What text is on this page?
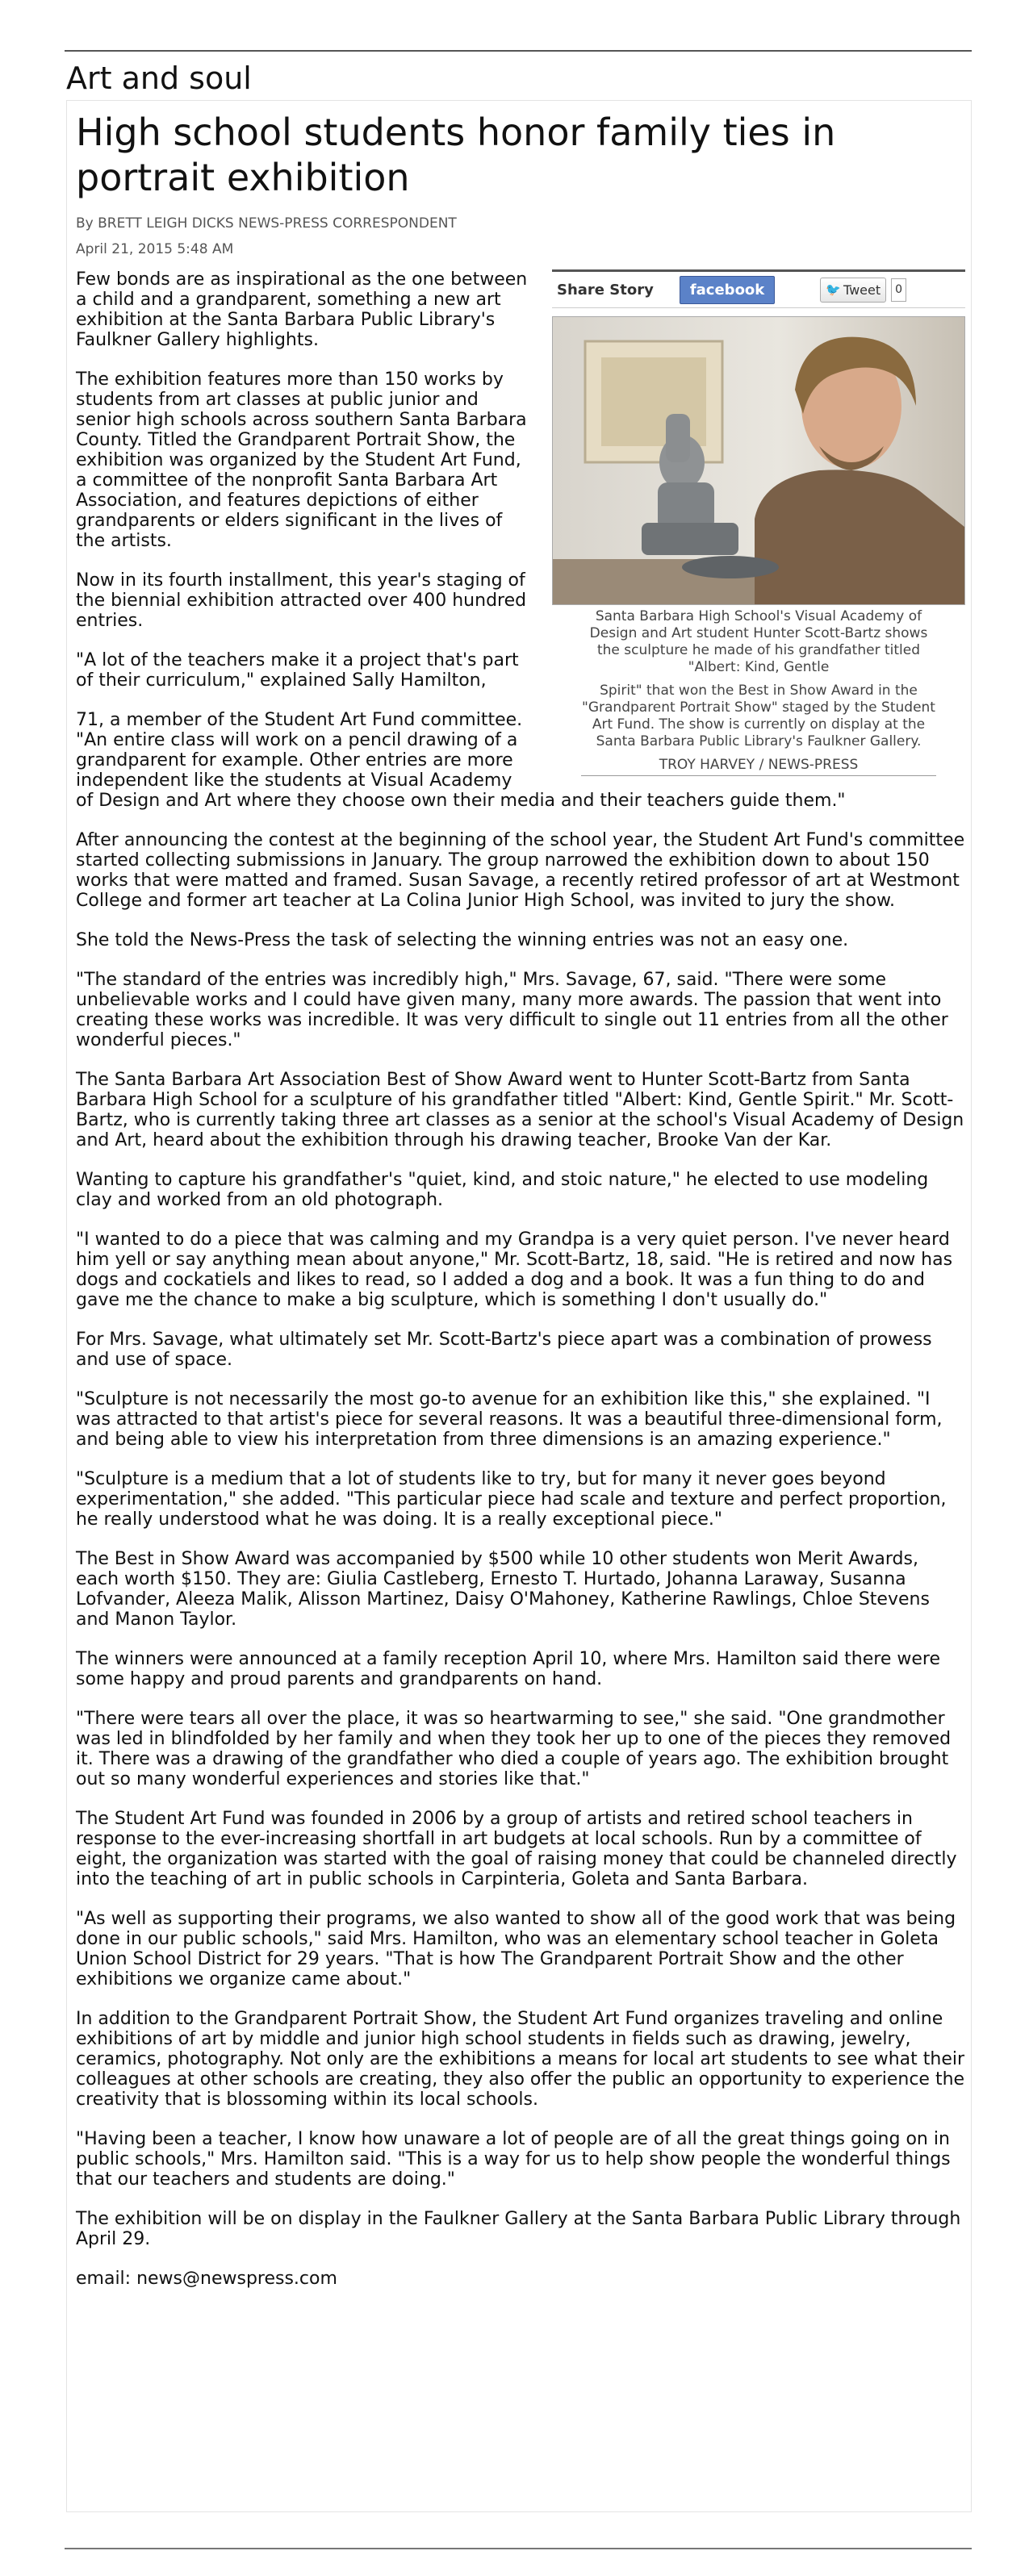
Art and soul
High school students honor family ties in portrait exhibition
By BRETT LEIGH DICKS NEWS-PRESS CORRESPONDENT
April 21, 2015 5:48 AM
Share Story	facebook	🐦 Tweet	0

Santa Barbara High School's Visual Academy of Design and Art student Hunter Scott-Bartz shows the sculpture he made of his grandfather titled "Albert: Kind, Gentle

Spirit" that won the Best in Show Award in the "Grandparent Portrait Show" staged by the Student Art Fund. The show is currently on display at the Santa Barbara Public Library's Faulkner Gallery.

TROY HARVEY / NEWS-PRESS

Few bonds are as inspirational as the one between a child and a grandparent, something a new art exhibition at the Santa Barbara Public Library's Faulkner Gallery highlights.

The exhibition features more than 150 works by students from art classes at public junior and senior high schools across southern Santa Barbara County. Titled the Grandparent Portrait Show, the exhibition was organized by the Student Art Fund, a committee of the nonprofit Santa Barbara Art Association, and features depictions of either grandparents or elders significant in the lives of the artists.

Now in its fourth installment, this year's staging of the biennial exhibition attracted over 400 hundred entries.

"A lot of the teachers make it a project that's part of their curriculum," explained Sally Hamilton,

71, a member of the Student Art Fund committee. "An entire class will work on a pencil drawing of a grandparent for example. Other entries are more independent like the students at Visual Academy of Design and Art where they choose own their media and their teachers guide them."

After announcing the contest at the beginning of the school year, the Student Art Fund's committee started collecting submissions in January. The group narrowed the exhibition down to about 150 works that were matted and framed. Susan Savage, a recently retired professor of art at Westmont College and former art teacher at La Colina Junior High School, was invited to jury the show.

She told the News-Press the task of selecting the winning entries was not an easy one.

"The standard of the entries was incredibly high," Mrs. Savage, 67, said. "There were some unbelievable works and I could have given many, many more awards. The passion that went into creating these works was incredible. It was very difficult to single out 11 entries from all the other wonderful pieces."

The Santa Barbara Art Association Best of Show Award went to Hunter Scott-Bartz from Santa Barbara High School for a sculpture of his grandfather titled "Albert: Kind, Gentle Spirit." Mr. Scott-Bartz, who is currently taking three art classes as a senior at the school's Visual Academy of Design and Art, heard about the exhibition through his drawing teacher, Brooke Van der Kar.

Wanting to capture his grandfather's "quiet, kind, and stoic nature," he elected to use modeling clay and worked from an old photograph.

"I wanted to do a piece that was calming and my Grandpa is a very quiet person. I've never heard him yell or say anything mean about anyone," Mr. Scott-Bartz, 18, said. "He is retired and now has dogs and cockatiels and likes to read, so I added a dog and a book. It was a fun thing to do and gave me the chance to make a big sculpture, which is something I don't usually do."

For Mrs. Savage, what ultimately set Mr. Scott-Bartz's piece apart was a combination of prowess and use of space.

"Sculpture is not necessarily the most go-to avenue for an exhibition like this," she explained. "I was attracted to that artist's piece for several reasons. It was a beautiful three-dimensional form, and being able to view his interpretation from three dimensions is an amazing experience."

"Sculpture is a medium that a lot of students like to try, but for many it never goes beyond experimentation," she added. "This particular piece had scale and texture and perfect proportion, he really understood what he was doing. It is a really exceptional piece."

The Best in Show Award was accompanied by $500 while 10 other students won Merit Awards, each worth $150. They are: Giulia Castleberg, Ernesto T. Hurtado, Johanna Laraway, Susanna Lofvander, Aleeza Malik, Alisson Martinez, Daisy O'Mahoney, Katherine Rawlings, Chloe Stevens and Manon Taylor.

The winners were announced at a family reception April 10, where Mrs. Hamilton said there were some happy and proud parents and grandparents on hand.

"There were tears all over the place, it was so heartwarming to see," she said. "One grandmother was led in blindfolded by her family and when they took her up to one of the pieces they removed it. There was a drawing of the grandfather who died a couple of years ago. The exhibition brought out so many wonderful experiences and stories like that."

The Student Art Fund was founded in 2006 by a group of artists and retired school teachers in response to the ever-increasing shortfall in art budgets at local schools. Run by a committee of eight, the organization was started with the goal of raising money that could be channeled directly into the teaching of art in public schools in Carpinteria, Goleta and Santa Barbara.

"As well as supporting their programs, we also wanted to show all of the good work that was being done in our public schools," said Mrs. Hamilton, who was an elementary school teacher in Goleta Union School District for 29 years. "That is how The Grandparent Portrait Show and the other exhibitions we organize came about."

In addition to the Grandparent Portrait Show, the Student Art Fund organizes traveling and online exhibitions of art by middle and junior high school students in fields such as drawing, jewelry, ceramics, photography. Not only are the exhibitions a means for local art students to see what their colleagues at other schools are creating, they also offer the public an opportunity to experience the creativity that is blossoming within its local schools.

"Having been a teacher, I know how unaware a lot of people are of all the great things going on in public schools," Mrs. Hamilton said. "This is a way for us to help show people the wonderful things that our teachers and students are doing."

The exhibition will be on display in the Faulkner Gallery at the Santa Barbara Public Library through April 29.

email: news@newspress.com
